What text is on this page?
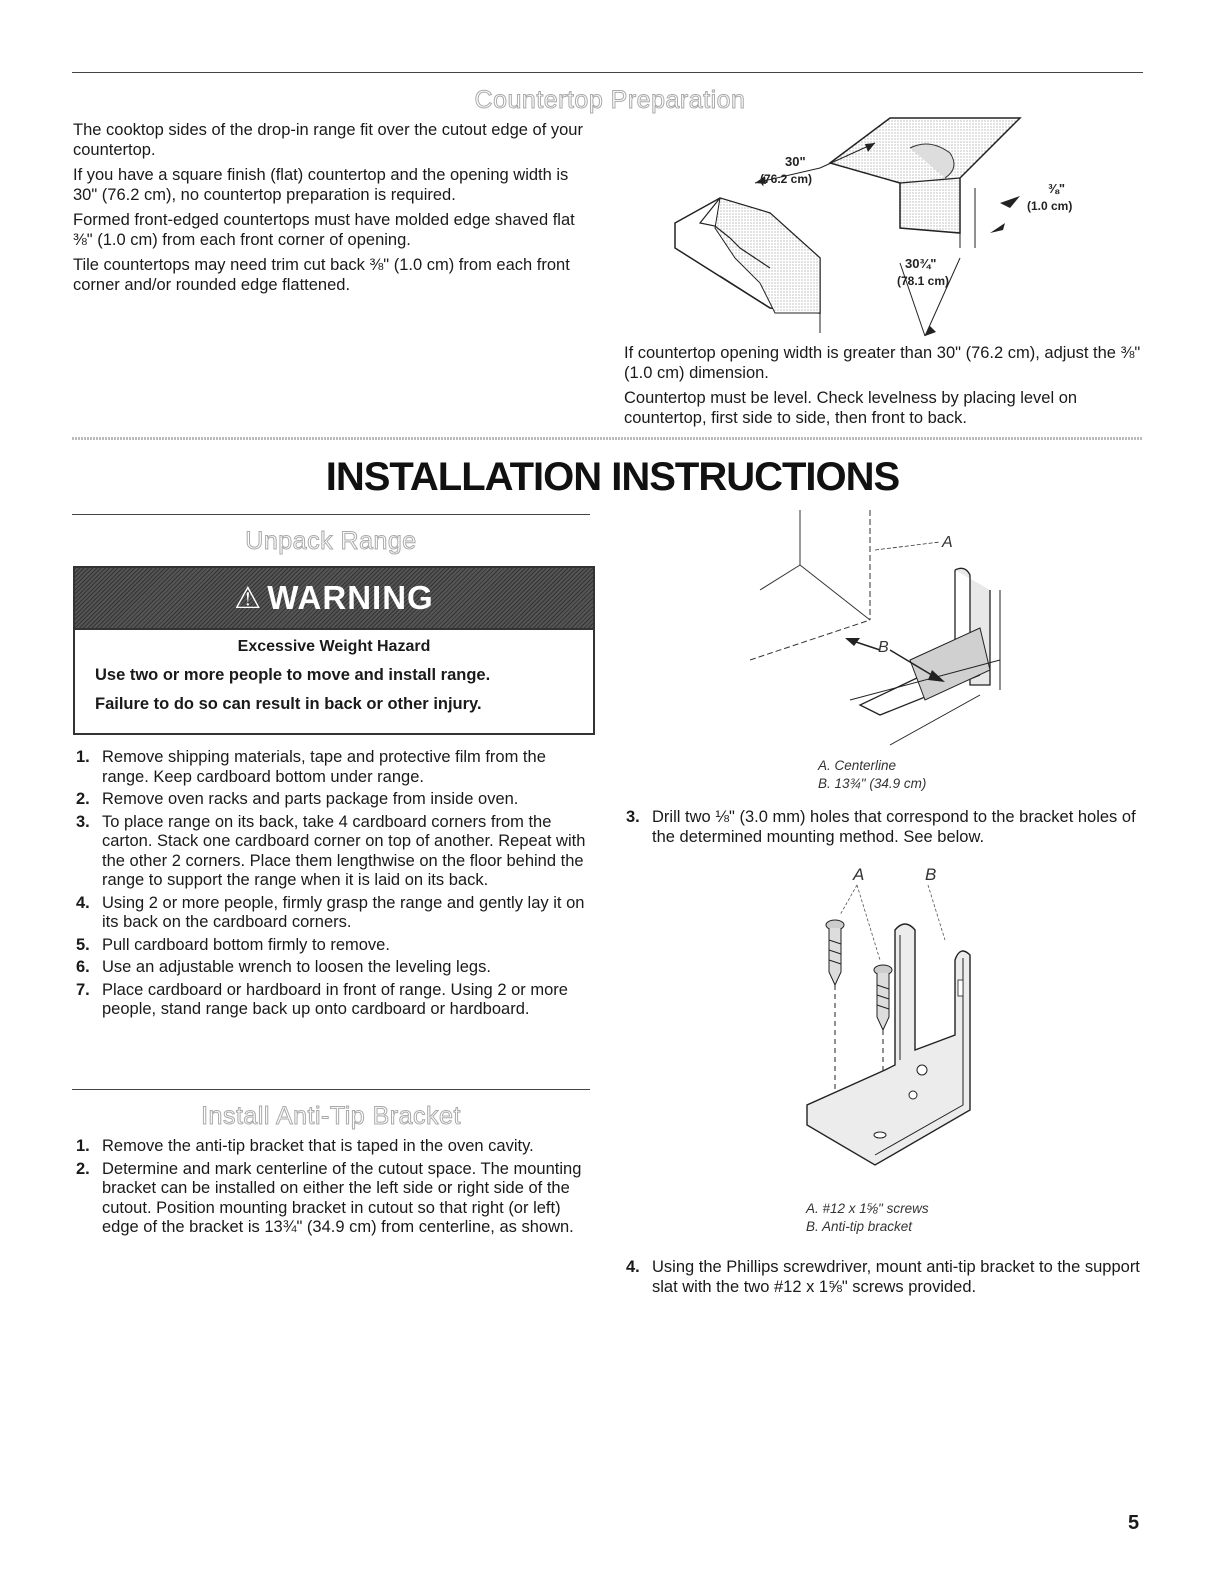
Countertop Preparation

The cooktop sides of the drop-in range fit over the cutout edge of your countertop.

If you have a square finish (flat) countertop and the opening width is 30" (76.2 cm), no countertop preparation is required.

Formed front-edged countertops must have molded edge shaved flat ⅜" (1.0 cm) from each front corner of opening.

Tile countertops may need trim cut back ⅜" (1.0 cm) from each front corner and/or rounded edge flattened.

30"
(76.2 cm)
⅜"
(1.0 cm)
30¾"
(78.1 cm)

If countertop opening width is greater than 30" (76.2 cm), adjust the ⅜" (1.0 cm) dimension.

Countertop must be level. Check levelness by placing level on countertop, first side to side, then front to back.

INSTALLATION INSTRUCTIONS
Unpack Range
⚠ WARNING

Excessive Weight Hazard

Use two or more people to move and install range.

Failure to do so can result in back or other injury.

1. Remove shipping materials, tape and protective film from the range. Keep cardboard bottom under range.
2. Remove oven racks and parts package from inside oven.
3. To place range on its back, take 4 cardboard corners from the carton. Stack one cardboard corner on top of another. Repeat with the other 2 corners. Place them lengthwise on the floor behind the range to support the range when it is laid on its back.
4. Using 2 or more people, firmly grasp the range and gently lay it on its back on the cardboard corners.
5. Pull cardboard bottom firmly to remove.
6. Use an adjustable wrench to loosen the leveling legs.
7. Place cardboard or hardboard in front of range. Using 2 or more people, stand range back up onto cardboard or hardboard.
Install Anti-Tip Bracket
1. Remove the anti-tip bracket that is taped in the oven cavity.
2. Determine and mark centerline of the cutout space. The mounting bracket can be installed on either the left side or right side of the cutout. Position mounting bracket in cutout so that right (or left) edge of the bracket is 13¾" (34.9 cm) from centerline, as shown.
A
B
A. Centerline
B. 13¾" (34.9 cm)
3. Drill two ⅛" (3.0 mm) holes that correspond to the bracket holes of the determined mounting method. See below.
A	B
A. #12 x 1⅝" screws
B. Anti-tip bracket
4. Using the Phillips screwdriver, mount anti-tip bracket to the support slat with the two #12 x 1⅝" screws provided.
5
